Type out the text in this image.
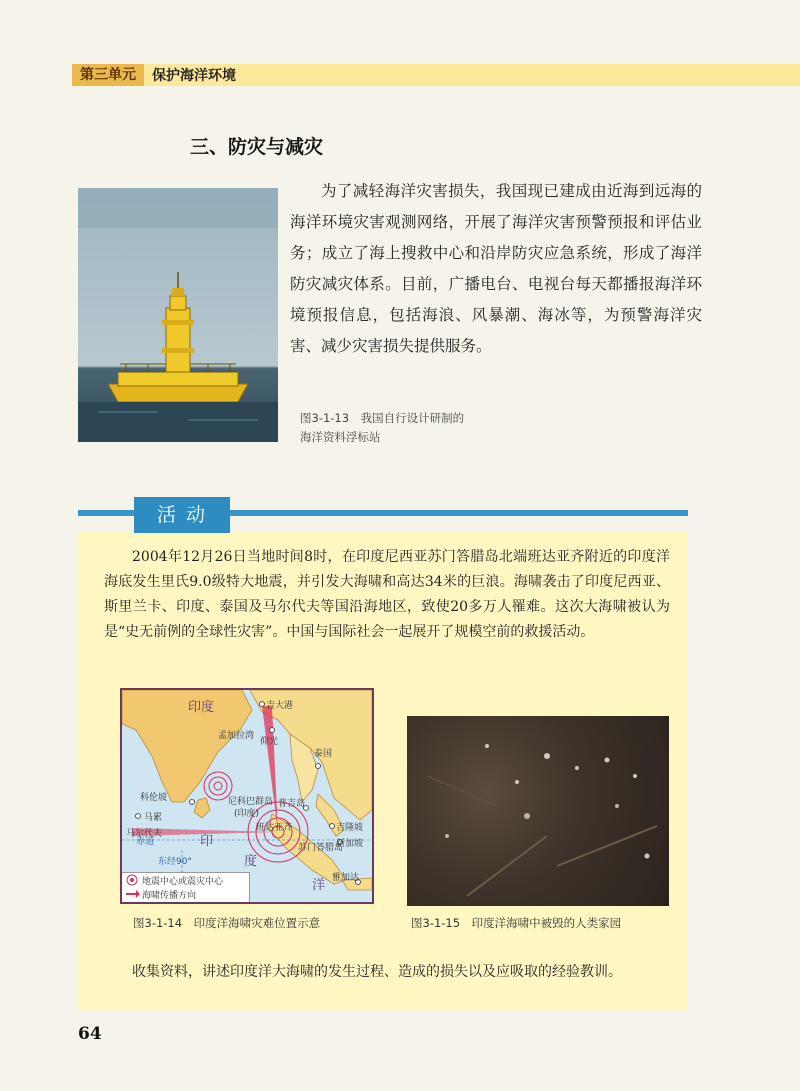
第三单元	保护海洋环境
三、防灾与减灾

为了减轻海洋灾害损失，我国现已建成由近海到远海的海洋环境灾害观测网络，开展了海洋灾害预警预报和评估业务；成立了海上搜救中心和沿岸防灾应急系统，形成了海洋防灾减灾体系。目前，广播电台、电视台每天都播报海洋环境预报信息，包括海浪、风暴潮、海冰等，为预警海洋灾害、减少灾害损失提供服务。

图3-1-13　我国自行设计研制的
海洋资料浮标站
活动

2004年12月26日当地时间8时，在印度尼西亚苏门答腊岛北端班达亚齐附近的印度洋海底发生里氏9.0级特大地震，并引发大海啸和高达34米的巨浪。海啸袭击了印度尼西亚、斯里兰卡、印度、泰国及马尔代夫等国沿海地区，致使20多万人罹难。这次大海啸被认为是“史无前例的全球性灾害”。中国与国际社会一起展开了规模空前的救援活动。

印度	吉大港
仰光
孟加拉湾
泰国
科伦坡
马累
马尔代夫
尼科巴群岛
(印度)
普吉岛
班达亚齐	吉隆坡
新加坡
苏门答腊岛
雅加达
赤道
东经90°
印
度
洋
地震中心或震灾中心
海啸传播方向
图3-1-14　印度洋海啸灾难位置示意	图3-1-15　印度洋海啸中被毁的人类家园

收集资料，讲述印度洋大海啸的发生过程、造成的损失以及应吸取的经验教训。

64
